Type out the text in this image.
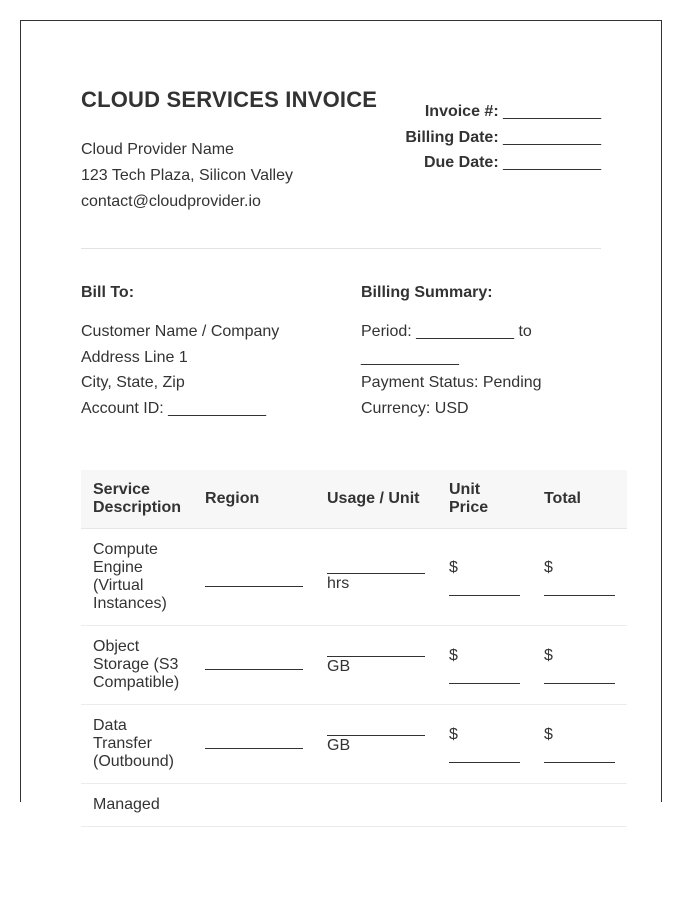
CLOUD SERVICES INVOICE
Cloud Provider Name
123 Tech Plaza, Silicon Valley
contact@cloudprovider.io
Invoice #: ___________
Billing Date: ___________
Due Date: ___________
Bill To:
Customer Name / Company
Address Line 1
City, State, Zip
Account ID: ___________
Billing Summary:
Period: ___________ to
___________
Payment Status: Pending
Currency: USD
Service Description	Region	Usage / Unit	Unit Price	Total
Compute Engine (Virtual Instances)		hrs	$	$

Object Storage (S3 Compatible)		GB	$	$

Data Transfer (Outbound)		GB	$	$

Managed				
